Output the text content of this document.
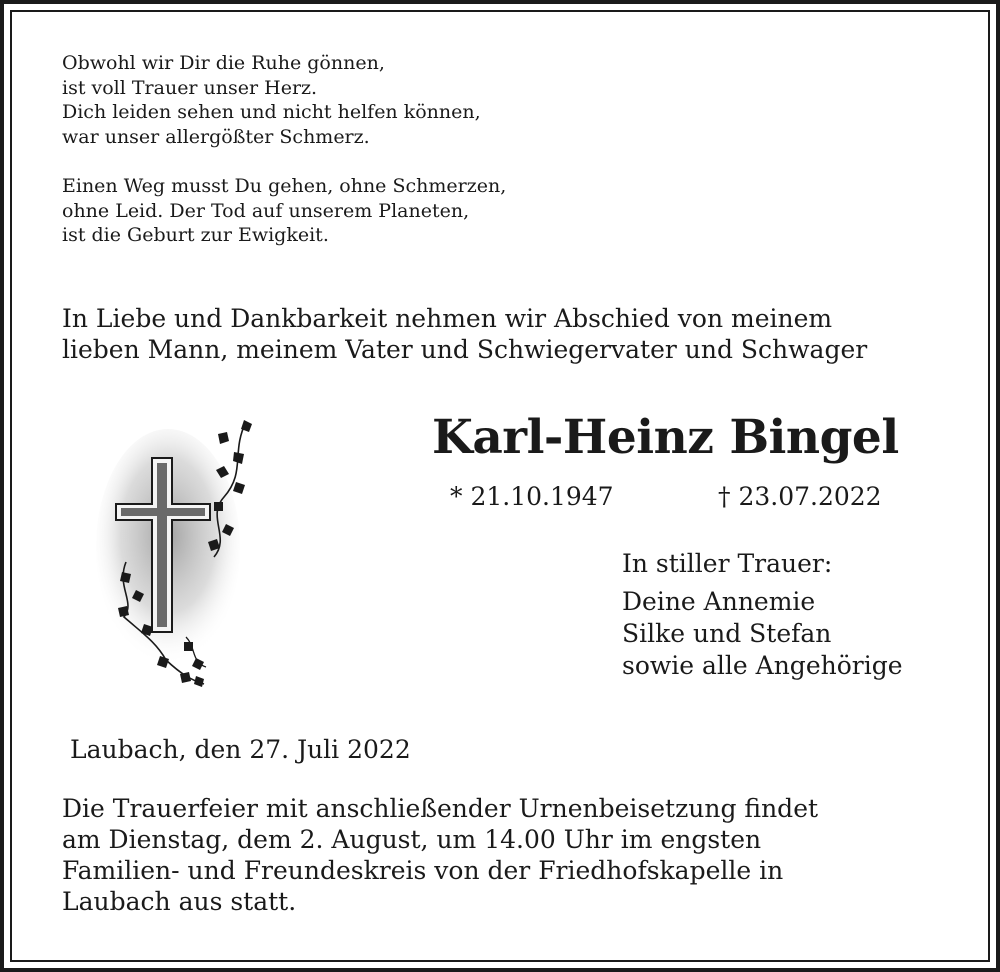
Obwohl wir Dir die Ruhe gönnen,

ist voll Trauer unser Herz.

Dich leiden sehen und nicht helfen können,

war unser allergößter Schmerz.

Einen Weg musst Du gehen, ohne Schmerzen,

ohne Leid. Der Tod auf unserem Planeten,

ist die Geburt zur Ewigkeit.

In Liebe und Dankbarkeit nehmen wir Abschied von meinem

lieben Mann, meinem Vater und Schwiegervater und Schwager

Karl-Heinz Bingel
* 21.10.1947	† 23.07.2022

In stiller Trauer:

Deine Annemie

Silke und Stefan

sowie alle Angehörige

Laubach, den 27. Juli 2022

Die Trauerfeier mit anschließender Urnenbeisetzung findet

am Dienstag, dem 2. August, um 14.00 Uhr im engsten

Familien- und Freundeskreis von der Friedhofskapelle in

Laubach aus statt.
